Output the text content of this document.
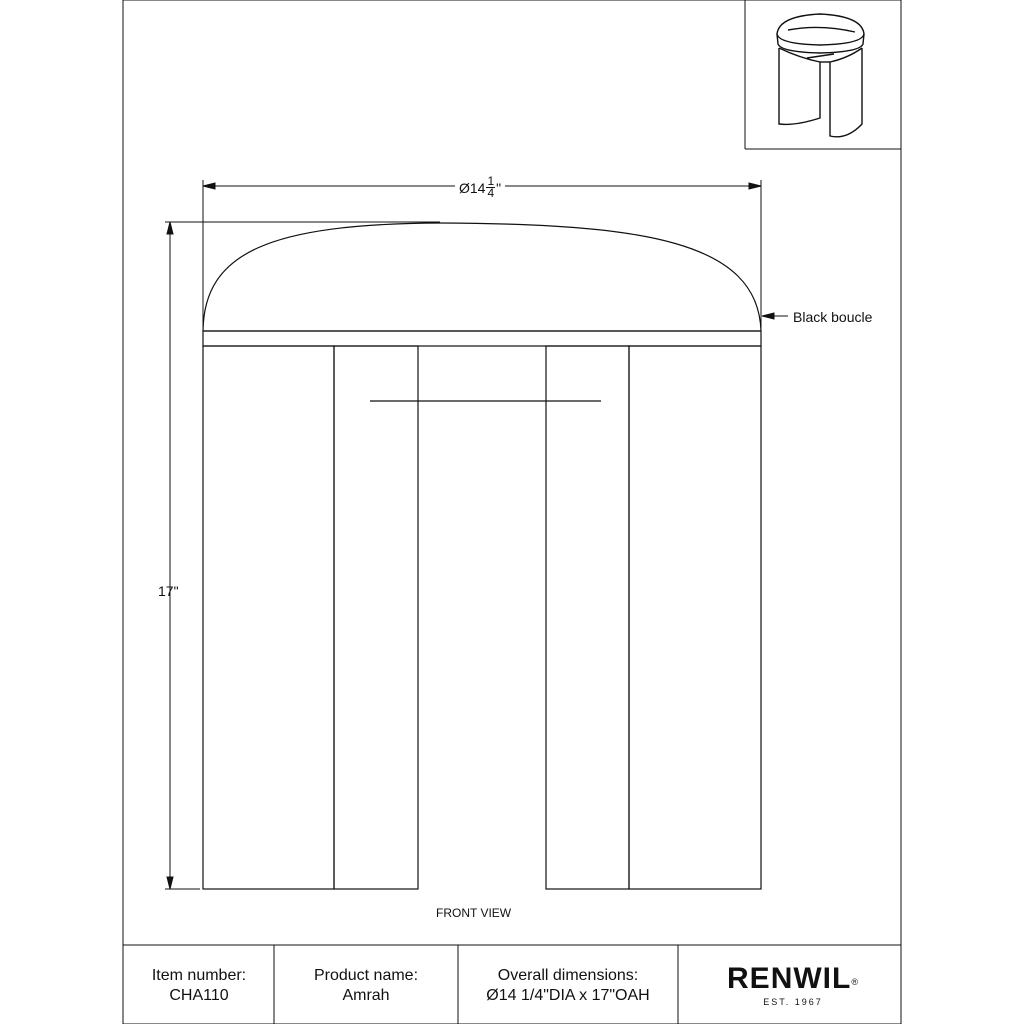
Ø14 $\frac{1}{4}$ "
17"
Black boucle
FRONT VIEW
Item number:
CHA110
Product name:
Amrah
Overall dimensions:
Ø14 1/4"DIA x 17"OAH
RENWIL®
EST. 1967
